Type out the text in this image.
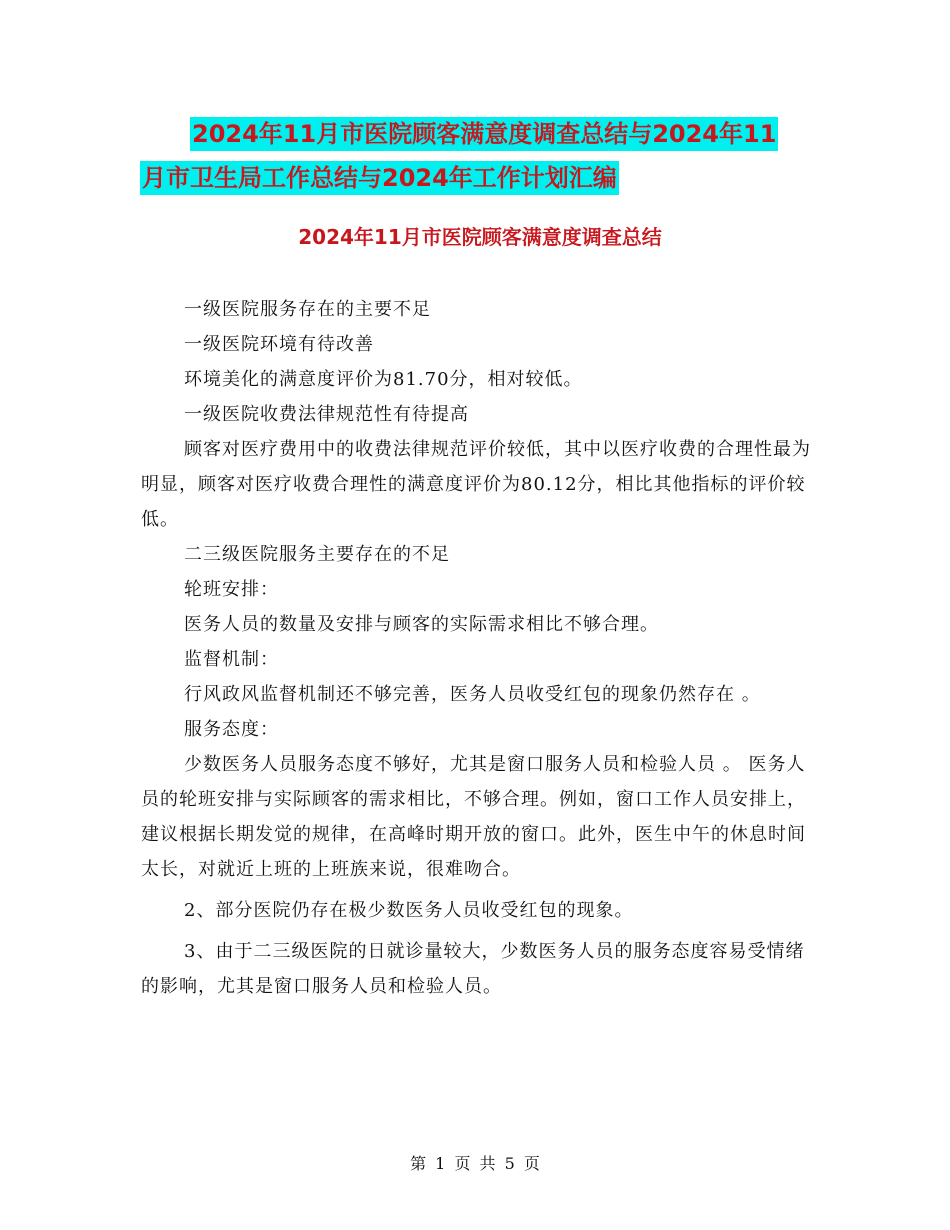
2024年11月市医院顾客满意度调查总结与2024年11
月市卫生局工作总结与2024年工作计划汇编
2024年11月市医院顾客满意度调查总结

一级医院服务存在的主要不足

一级医院环境有待改善

环境美化的满意度评价为81.70分，相对较低。

一级医院收费法律规范性有待提高

顾客对医疗费用中的收费法律规范评价较低，其中以医疗收费的合理性最为明显，顾客对医疗收费合理性的满意度评价为80.12分，相比其他指标的评价较低。

二三级医院服务主要存在的不足

轮班安排：

医务人员的数量及安排与顾客的实际需求相比不够合理。

监督机制：

行风政风监督机制还不够完善，医务人员收受红包的现象仍然存在 。

服务态度：

少数医务人员服务态度不够好，尤其是窗口服务人员和检验人员 。 医务人员的轮班安排与实际顾客的需求相比，不够合理。例如，窗口工作人员安排上，建议根据长期发觉的规律，在高峰时期开放的窗口。此外，医生中午的休息时间太长，对就近上班的上班族来说，很难吻合。

2、部分医院仍存在极少数医务人员收受红包的现象。

3、由于二三级医院的日就诊量较大，少数医务人员的服务态度容易受情绪的影响，尤其是窗口服务人员和检验人员。

第 1 页 共 5 页
